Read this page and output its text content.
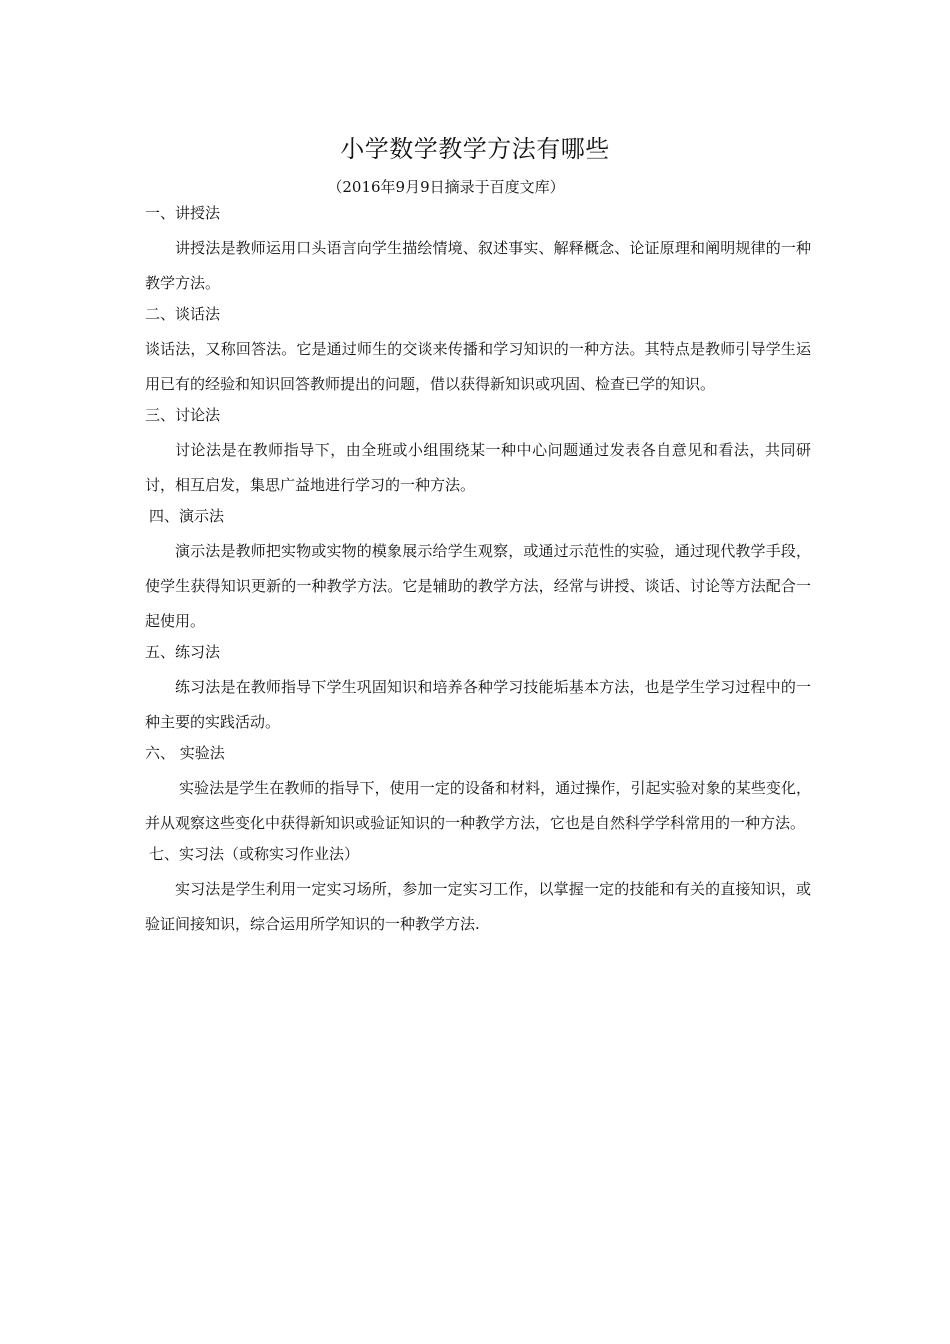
小学数学教学方法有哪些
（2016年9月9日摘录于百度文库）

一、讲授法

讲授法是教师运用口头语言向学生描绘情境、叙述事实、解释概念、论证原理和阐明规律的一种教学方法。

二、谈话法

谈话法，又称回答法。它是通过师生的交谈来传播和学习知识的一种方法。其特点是教师引导学生运用已有的经验和知识回答教师提出的问题，借以获得新知识或巩固、检查已学的知识。

三、讨论法

讨论法是在教师指导下，由全班或小组围绕某一种中心问题通过发表各自意见和看法，共同研讨，相互启发，集思广益地进行学习的一种方法。

四、演示法

演示法是教师把实物或实物的模象展示给学生观察，或通过示范性的实验，通过现代教学手段，使学生获得知识更新的一种教学方法。它是辅助的教学方法，经常与讲授、谈话、讨论等方法配合一起使用。

五、练习法

练习法是在教师指导下学生巩固知识和培养各种学习技能垢基本方法，也是学生学习过程中的一种主要的实践活动。

六、 实验法

实验法是学生在教师的指导下，使用一定的设备和材料，通过操作，引起实验对象的某些变化，并从观察这些变化中获得新知识或验证知识的一种教学方法，它也是自然科学学科常用的一种方法。

七、实习法（或称实习作业法）

实习法是学生利用一定实习场所，参加一定实习工作，以掌握一定的技能和有关的直接知识，或验证间接知识，综合运用所学知识的一种教学方法.
